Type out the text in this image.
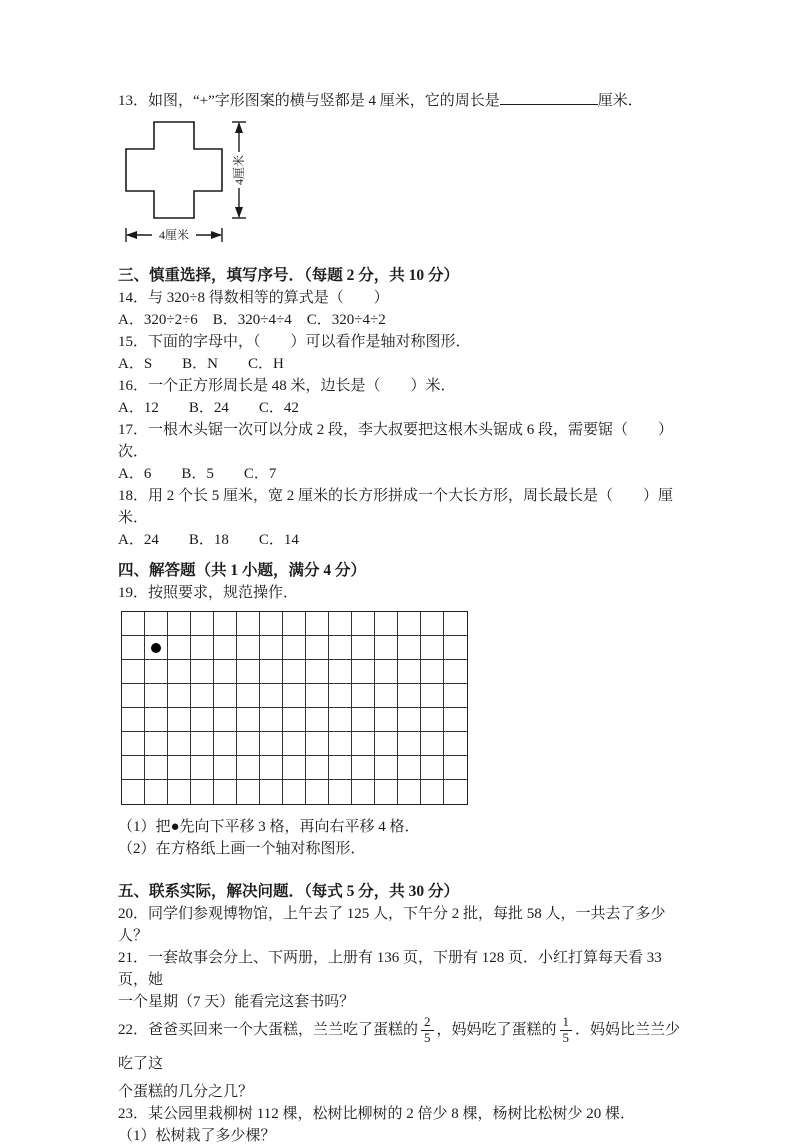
13．如图，“+”字形图案的横与竖都是 4 厘米，它的周长是	厘米．

4厘米
4厘米
三、慎重选择，填写序号．（每题 2 分，共 10 分）

14．与 320÷8 得数相等的算式是（　　）

A．320÷2÷6　B．320÷4÷4　C．320÷4÷2

15．下面的字母中，（　　）可以看作是轴对称图形．

A．S　　B．N　　C．H

16．一个正方形周长是 48 米，边长是（　　）米．

A．12　　B．24　　C．42

17．一根木头锯一次可以分成 2 段，李大叔要把这根木头锯成 6 段，需要锯（　　）次．

A．6　　B．5　　C．7

18．用 2 个长 5 厘米，宽 2 厘米的长方形拼成一个大长方形，周长最长是（　　）厘米．

A．24　　B．18　　C．14

四、解答题（共 1 小题，满分 4 分）

19．按照要求，规范操作．

（1）把●先向下平移 3 格，再向右平移 4 格．

（2）在方格纸上画一个轴对称图形．

五、联系实际，解决问题．（每式 5 分，共 30 分）

20．同学们参观博物馆，上午去了 125 人，下午分 2 批，每批 58 人，一共去了多少人？

21．一套故事会分上、下两册，上册有 136 页，下册有 128 页．小红打算每天看 33 页，她

一个星期（7 天）能看完这套书吗？

22．爸爸买回来一个大蛋糕，兰兰吃了蛋糕的 $\frac{2}{5}$ ，妈妈吃了蛋糕的 $\frac{1}{5}$ ．妈妈比兰兰少吃了这

个蛋糕的几分之几？

23．某公园里栽柳树 112 棵，松树比柳树的 2 倍少 8 棵，杨树比松树少 20 棵．

（1）松树栽了多少棵？
